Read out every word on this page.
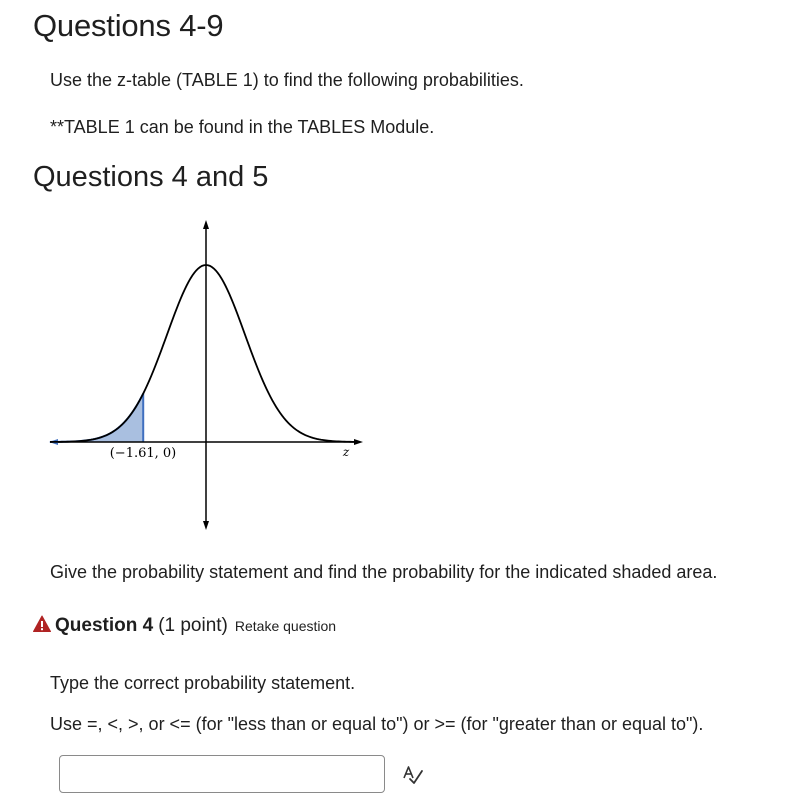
Questions 4-9

Use the z-table (TABLE 1) to find the following probabilities.

**TABLE 1 can be found in the TABLES Module.

Questions 4 and 5
(−1.61, 0)	z

Give the probability statement and find the probability for the indicated shaded area.

Question 4 (1 point) Retake question

Type the correct probability statement.

Use =, <, >, or <= (for "less than or equal to") or >= (for "greater than or equal to").
